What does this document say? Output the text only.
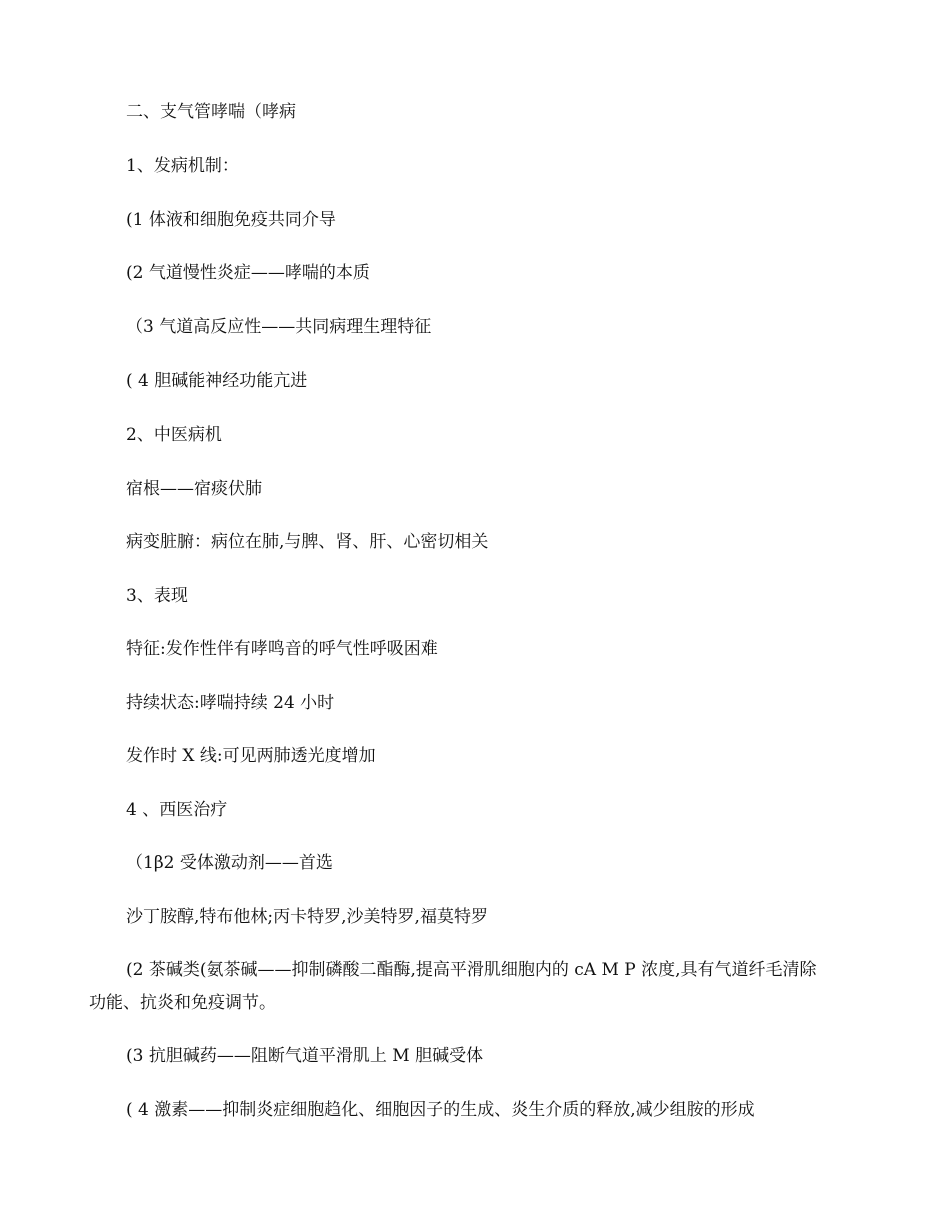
二、支气管哮喘（哮病
1、发病机制：
(1 体液和细胞免疫共同介导
(2 气道慢性炎症——哮喘的本质
（3 气道高反应性——共同病理生理特征
( 4 胆碱能神经功能亢进
2、中医病机
宿根——宿痰伏肺
病变脏腑：病位在肺,与脾、肾、肝、心密切相关
3、表现
特征:发作性伴有哮鸣音的呼气性呼吸困难
持续状态:哮喘持续 24 小时
发作时 X 线:可见两肺透光度增加
4 、西医治疗
（1β2 受体激动剂——首选
沙丁胺醇,特布他林;丙卡特罗,沙美特罗,福莫特罗
(2 茶碱类(氨茶碱——抑制磷酸二酯酶,提高平滑肌细胞内的 cA M P 浓度,具有气道纤毛清除
功能、抗炎和免疫调节。
(3 抗胆碱药——阻断气道平滑肌上 M 胆碱受体
( 4 激素——抑制炎症细胞趋化、细胞因子的生成、炎生介质的释放,减少组胺的形成
